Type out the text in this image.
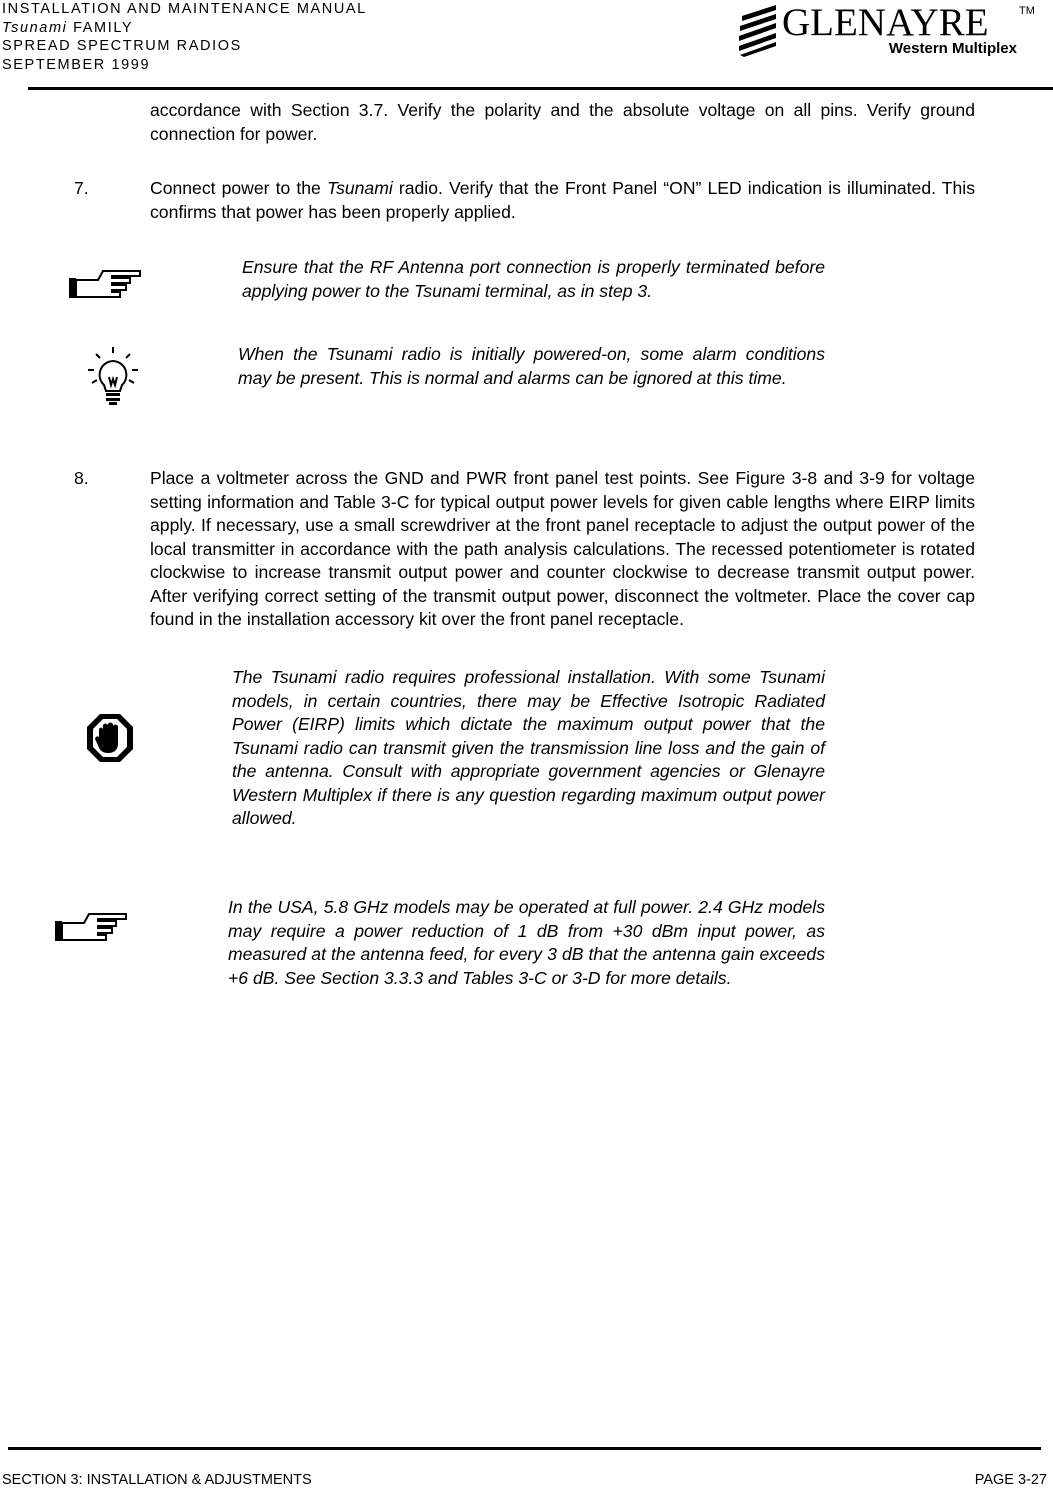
INSTALLATION AND MAINTENANCE MANUAL
Tsunami FAMILY
SPREAD SPECTRUM RADIOS
SEPTEMBER 1999
GLENAYRE	TM
Western Multiplex
accordance with Section 3.7. Verify the polarity and the absolute voltage on all pins. Verify ground connection for power.
7.	Connect power to the Tsunami radio. Verify that the Front Panel “ON” LED indication is illuminated. This confirms that power has been properly applied.
Ensure that the RF Antenna port connection is properly terminated before applying power to the Tsunami terminal, as in step 3.
When the Tsunami radio is initially powered-on, some alarm conditions may be present. This is normal and alarms can be ignored at this time.
8.	Place a voltmeter across the GND and PWR front panel test points. See Figure 3-8 and 3-9 for voltage setting information and Table 3-C for typical output power levels for given cable lengths where EIRP limits apply. If necessary, use a small screwdriver at the front panel receptacle to adjust the output power of the local transmitter in accordance with the path analysis calculations. The recessed potentiometer is rotated clockwise to increase transmit output power and counter clockwise to decrease transmit output power. After verifying correct setting of the transmit output power, disconnect the voltmeter. Place the cover cap found in the installation accessory kit over the front panel receptacle.
The Tsunami radio requires professional installation. With some Tsunami models, in certain countries, there may be Effective Isotropic Radiated Power (EIRP) limits which dictate the maximum output power that the Tsunami radio can transmit given the transmission line loss and the gain of the antenna. Consult with appropriate government agencies or Glenayre Western Multiplex if there is any question regarding maximum output power allowed.
In the USA, 5.8 GHz models may be operated at full power. 2.4 GHz models may require a power reduction of 1 dB from +30 dBm input power, as measured at the antenna feed, for every 3 dB that the antenna gain exceeds +6 dB. See Section 3.3.3 and Tables 3-C or 3-D for more details.
SECTION 3: INSTALLATION & ADJUSTMENTS	PAGE 3-27
